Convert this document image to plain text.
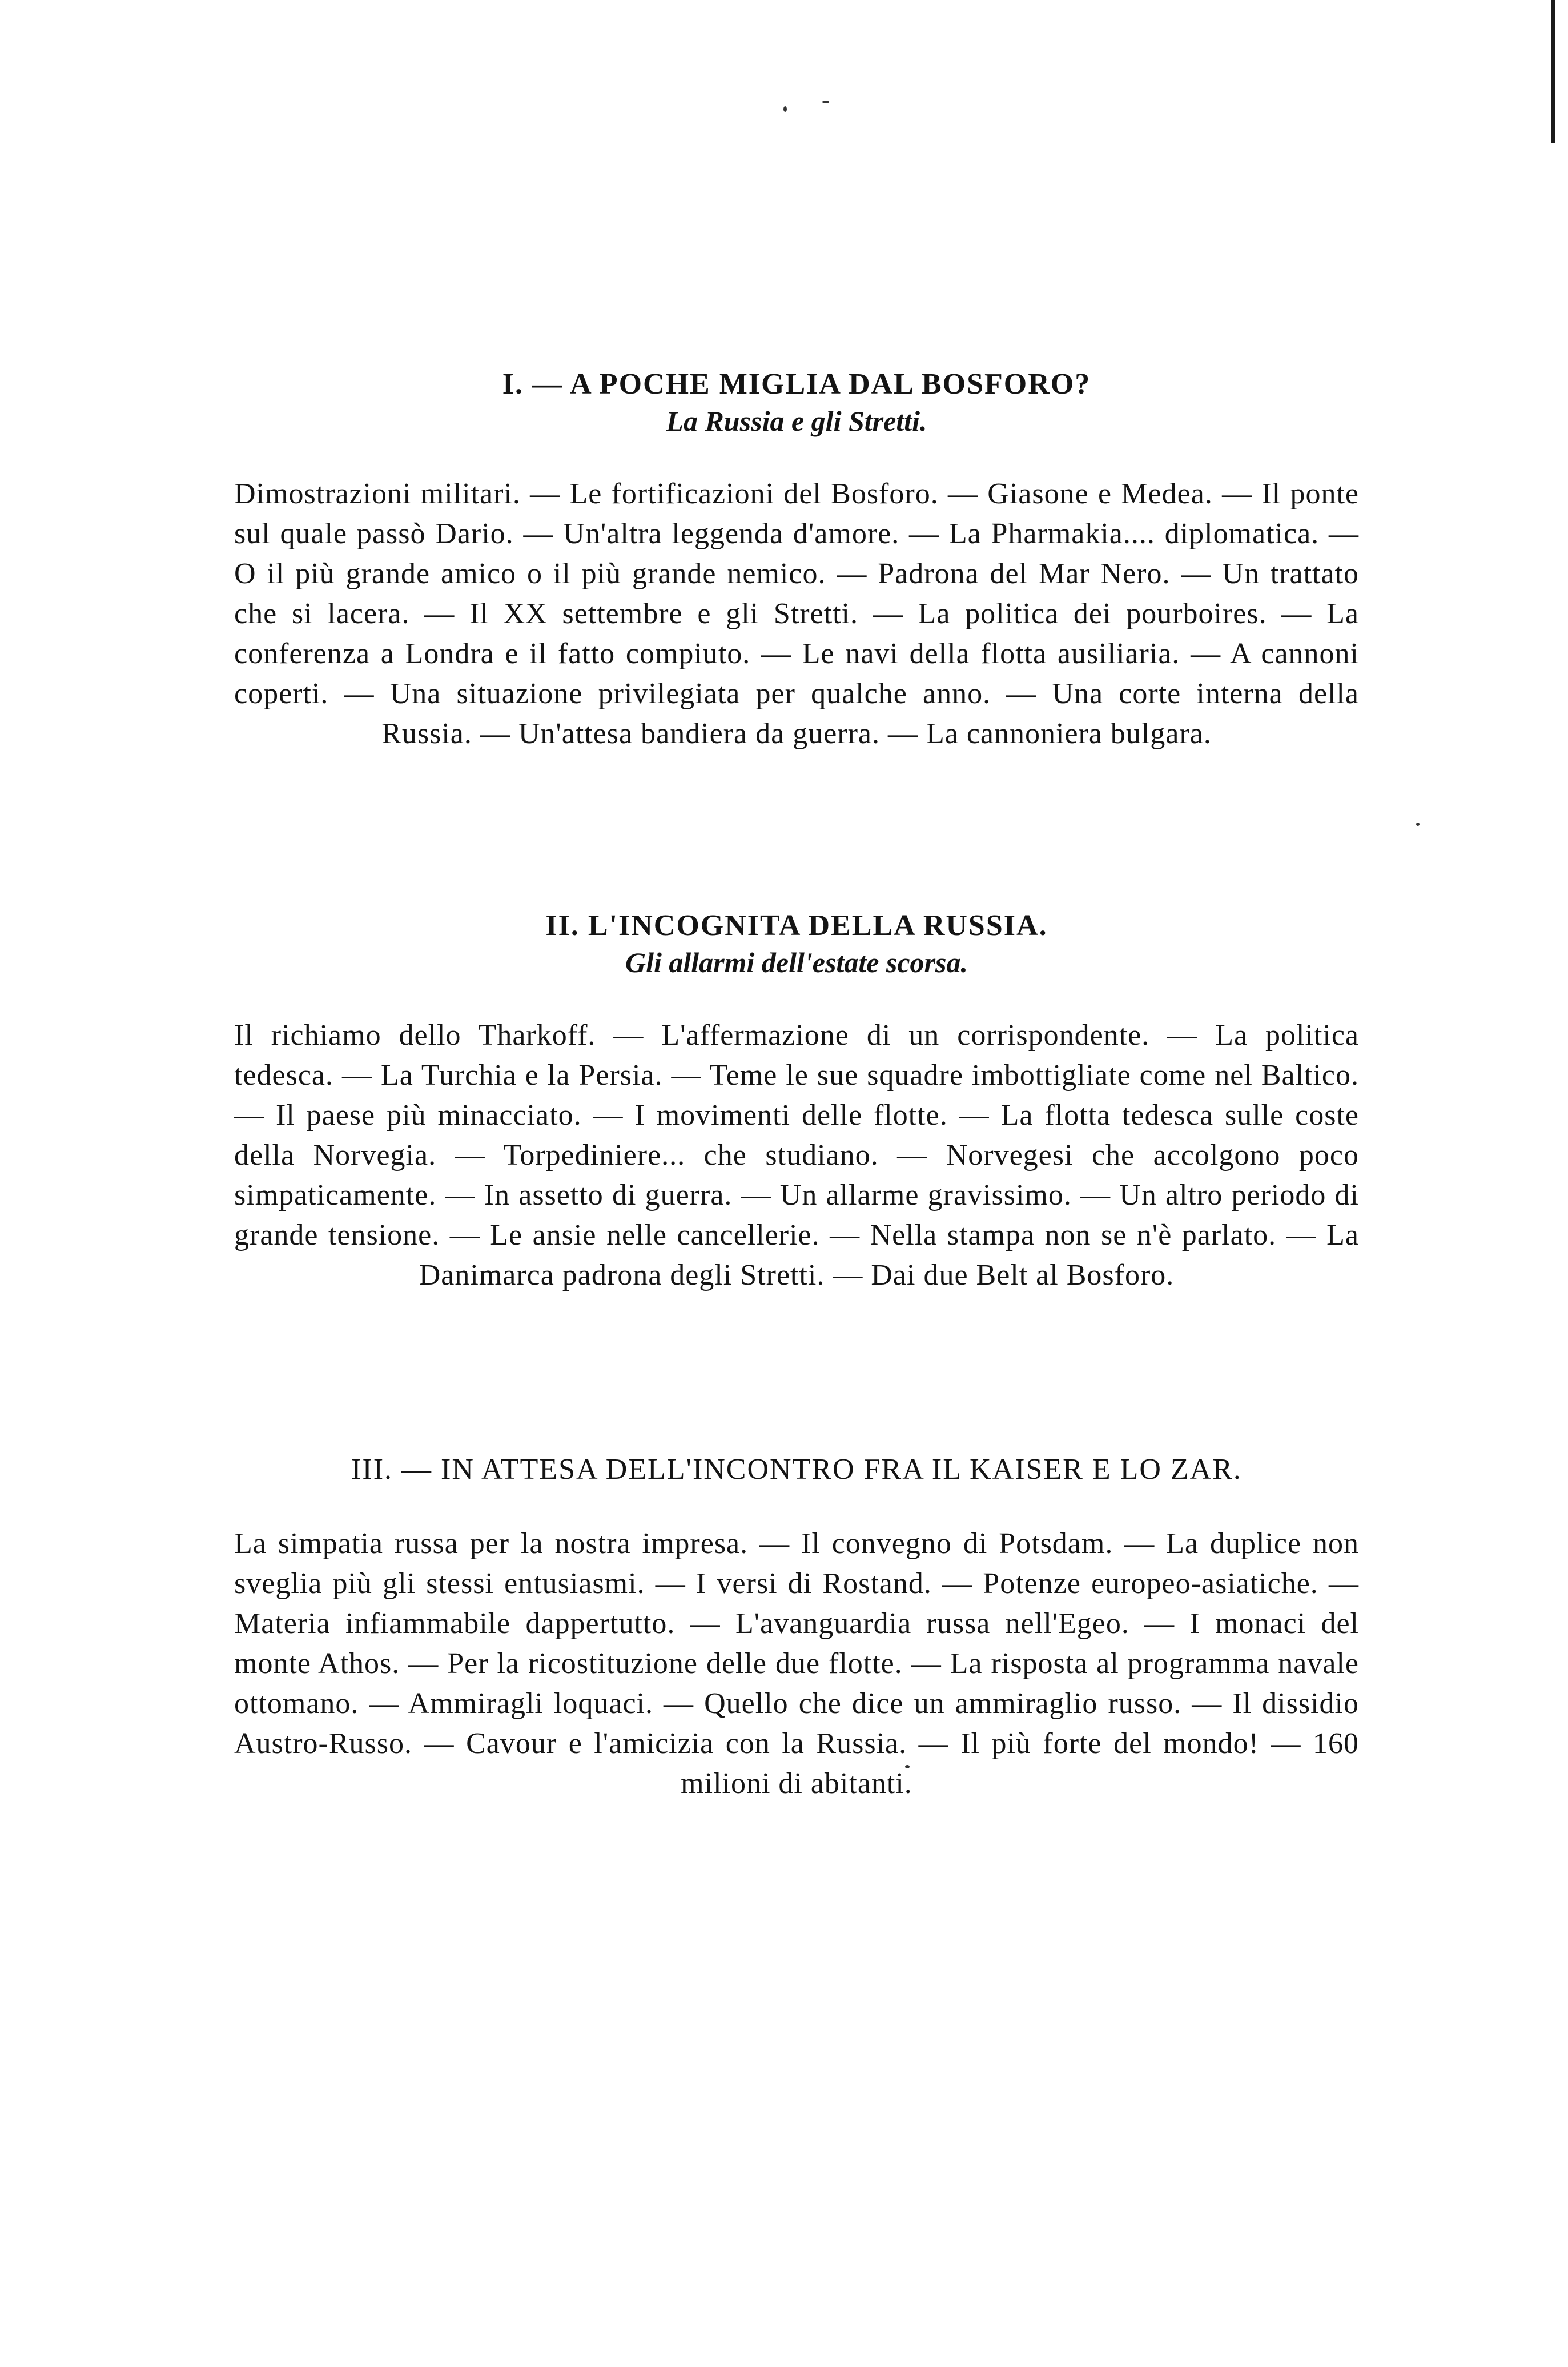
I. — A POCHE MIGLIA DAL BOSFORO?

La Russia e gli Stretti.

Dimostrazioni militari. — Le fortificazioni del Bosforo. — Giasone e Medea. — Il ponte sul quale passò Dario. — Un'altra leggenda d'amore. — La Pharmakia.... diplomatica. — O il più grande amico o il più grande nemico. — Padrona del Mar Nero. — Un trattato che si lacera. — Il XX settembre e gli Stretti. — La politica dei pourboires. — La conferenza a Londra e il fatto compiuto. — Le navi della flotta ausiliaria. — A cannoni coperti. — Una situazione privilegiata per qualche anno. — Una corte interna della Russia. — Un'attesa bandiera da guerra. — La cannoniera bulgara.

II. L'INCOGNITA DELLA RUSSIA.

Gli allarmi dell'estate scorsa.

Il richiamo dello Tharkoff. — L'affermazione di un corrispondente. — La politica tedesca. — La Turchia e la Persia. — Teme le sue squadre imbottigliate come nel Baltico. — Il paese più minacciato. — I movimenti delle flotte. — La flotta tedesca sulle coste della Norvegia. — Torpediniere... che studiano. — Norvegesi che accolgono poco simpaticamente. — In assetto di guerra. — Un allarme gravissimo. — Un altro periodo di grande tensione. — Le ansie nelle cancellerie. — Nella stampa non se n'è parlato. — La Danimarca padrona degli Stretti. — Dai due Belt al Bosforo.

III. — IN ATTESA DELL'INCONTRO FRA IL KAISER E LO ZAR.

La simpatia russa per la nostra impresa. — Il convegno di Potsdam. — La duplice non sveglia più gli stessi entusiasmi. — I versi di Rostand. — Potenze europeo-asiatiche. — Materia infiammabile dappertutto. — L'avanguardia russa nell'Egeo. — I monaci del monte Athos. — Per la ricostituzione delle due flotte. — La risposta al programma navale ottomano. — Ammiragli loquaci. — Quello che dice un ammiraglio russo. — Il dissidio Austro-Russo. — Cavour e l'amicizia con la Russia. — Il più forte del mondo! — 160 milioni di abitanti.
